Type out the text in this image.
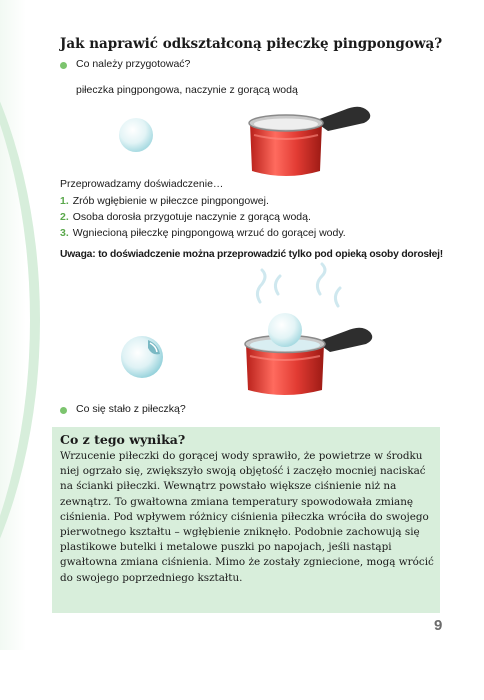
Jak naprawić odkształconą piłeczkę pingpongową?
Co należy przygotować?
piłeczka pingpongowa, naczynie z gorącą wodą
Przeprowadzamy doświadczenie…
1. Zrób wgłębienie w piłeczce pingpongowej.
2. Osoba dorosła przygotuje naczynie z gorącą wodą.
3. Wgniecioną piłeczkę pingpongową wrzuć do gorącej wody.
Uwaga: to doświadczenie można przeprowadzić tylko pod opieką osoby dorosłej!
Co się stało z piłeczką?
Co z tego wynika?
Wrzucenie piłeczki do gorącej wody sprawiło, że powietrze w środku niej ogrzało się, zwiększyło swoją objętość i zaczęło mocniej naciskać na ścianki piłeczki. Wewnątrz powstało większe ciśnienie niż na zewnątrz. To gwałtowna zmiana temperatury spowodowała zmianę ciśnienia. Pod wpływem różnicy ciśnienia piłeczka wróciła do swojego pierwotnego kształtu – wgłębienie zniknęło. Podobnie zachowują się plastikowe butelki i metalowe puszki po napojach, jeśli nastąpi gwałtowna zmiana ciśnienia. Mimo że zostały zgniecione, mogą wrócić do swojego poprzedniego kształtu.
9
